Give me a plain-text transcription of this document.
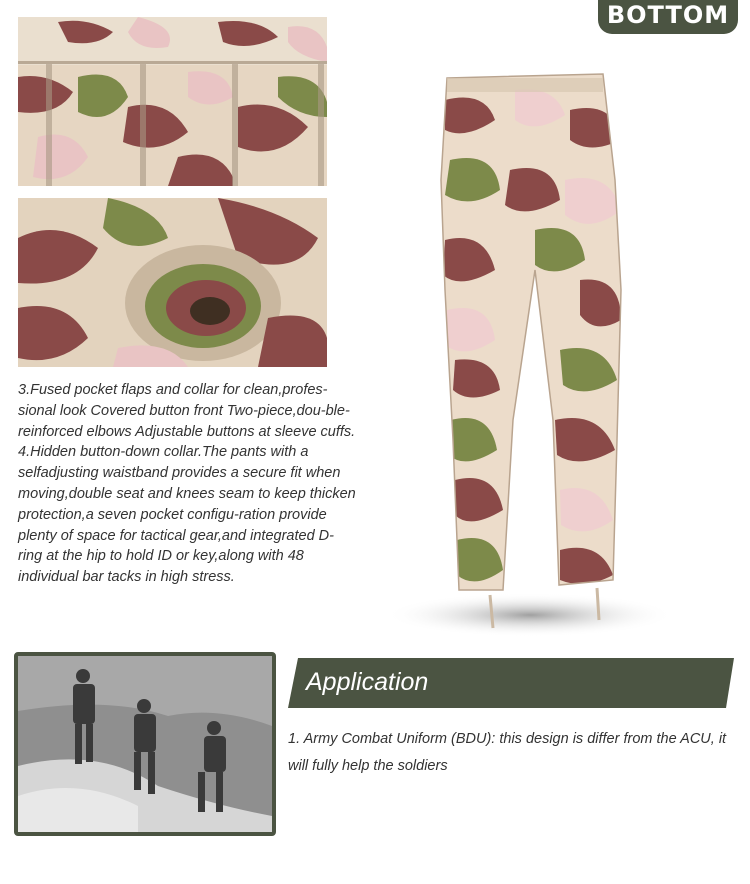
BOTTOM

3.Fused pocket flaps and collar for clean,profes-sional look Covered button front Two-piece,dou-ble-reinforced elbows Adjustable buttons at sleeve cuffs.

4.Hidden button-down collar.The pants with a selfadjusting waistband provides a secure fit when moving,double seat and knees seam to keep thicken protection,a seven pocket configu-ration provide plenty of space for tactical gear,and integrated D-ring at the hip to hold ID or key,along with 48 individual bar tacks in high stress.

Application

1. Army Combat Uniform (BDU): this design is differ from the ACU, it will fully help the soldiers
